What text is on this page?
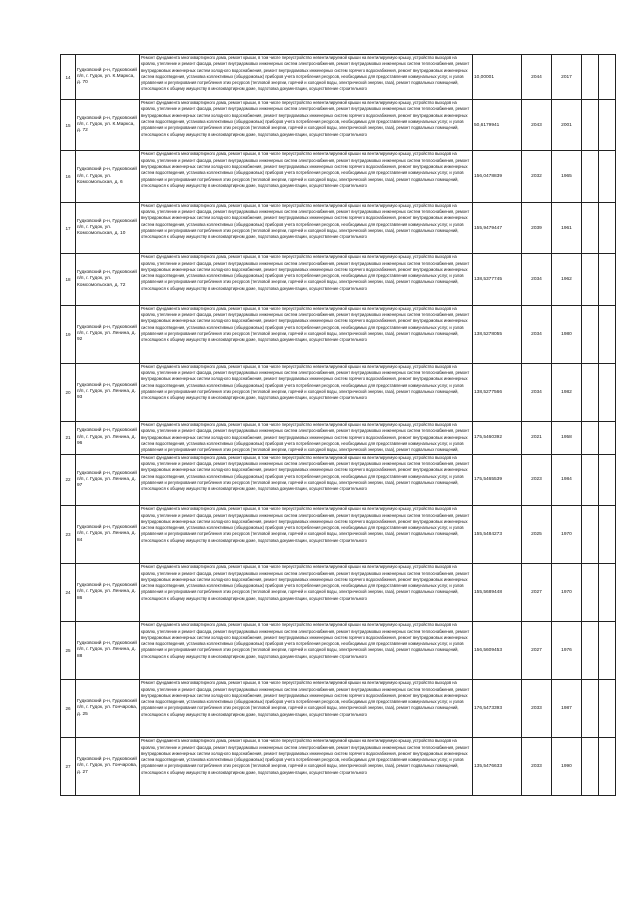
14	Гудковский р-н, Гудковский п/п, г. Гудок, ул. К.Маркса, д. 70	Ремонт фундамента многоквартирного дома, ремонт крыши, в том числе переустройство невентилируемой крыши на вентилируемую крышу, устройство выходов на кровлю, утепление и ремонт фасада, ремонт внутридомовых инженерных систем электроснабжения, ремонт внутридомовых инженерных систем теплоснабжения, ремонт внутридомовых инженерных систем холодного водоснабжения, ремонт внутридомовых инженерных систем горячего водоснабжения, ремонт внутридомовых инженерных систем водоотведения, установка коллективных (общедомовых) приборов учета потребления ресурсов, необходимых для предоставления коммунальных услуг, и узлов управления и регулирования потребления этих ресурсов (тепловой энергии, горячей и холодной воды, электрической энергии, газа), ремонт подвальных помещений, относящихся к общему имуществу в многоквартирном доме, подготовка документации, осуществление строительного	10,00001	2044	2017		
15	Гудковский р-н, Гудковский п/п, г. Гудок, ул. К.Маркса, д. 72	Ремонт фундамента многоквартирного дома, ремонт крыши, в том числе переустройство невентилируемой крыши на вентилируемую крышу, устройство выходов на кровлю, утепление и ремонт фасада, ремонт внутридомовых инженерных систем электроснабжения, ремонт внутридомовых инженерных систем теплоснабжения, ремонт внутридомовых инженерных систем холодного водоснабжения, ремонт внутридомовых инженерных систем горячего водоснабжения, ремонт внутридомовых инженерных систем водоотведения, установка коллективных (общедомовых) приборов учета потребления ресурсов, необходимых для предоставления коммунальных услуг, и узлов управления и регулирования потребления этих ресурсов (тепловой энергии, горячей и холодной воды, электрической энергии, газа), ремонт подвальных помещений, относящихся к общему имуществу в многоквартирном доме, подготовка документации, осуществление строительного	50,6179941	2043	2001		
16	Гудковский р-н, Гудковский п/п, г. Гудок, ул. Комсомольская, д. 6	Ремонт фундамента многоквартирного дома, ремонт крыши, в том числе переустройство невентилируемой крыши на вентилируемую крышу, устройство выходов на кровлю, утепление и ремонт фасада, ремонт внутридомовых инженерных систем электроснабжения, ремонт внутридомовых инженерных систем теплоснабжения, ремонт внутридомовых инженерных систем холодного водоснабжения, ремонт внутридомовых инженерных систем горячего водоснабжения, ремонт внутридомовых инженерных систем водоотведения, установка коллективных (общедомовых) приборов учета потребления ресурсов, необходимых для предоставления коммунальных услуг, и узлов управления и регулирования потребления этих ресурсов (тепловой энергии, горячей и холодной воды, электрической энергии, газа), ремонт подвальных помещений, относящихся к общему имуществу в многоквартирном доме, подготовка документации, осуществление строительного	156,0478839	2032	1965		
17	Гудковский р-н, Гудковский п/п, г. Гудок, ул. Комсомольская, д. 10	Ремонт фундамента многоквартирного дома, ремонт крыши, в том числе переустройство невентилируемой крыши на вентилируемую крышу, устройство выходов на кровлю, утепление и ремонт фасада, ремонт внутридомовых инженерных систем электроснабжения, ремонт внутридомовых инженерных систем теплоснабжения, ремонт внутридомовых инженерных систем холодного водоснабжения, ремонт внутридомовых инженерных систем горячего водоснабжения, ремонт внутридомовых инженерных систем водоотведения, установка коллективных (общедомовых) приборов учета потребления ресурсов, необходимых для предоставления коммунальных услуг, и узлов управления и регулирования потребления этих ресурсов (тепловой энергии, горячей и холодной воды, электрической энергии, газа), ремонт подвальных помещений, относящихся к общему имуществу в многоквартирном доме, подготовка документации, осуществление строительного	155,9479447	2039	1961		
18	Гудковский р-н, Гудковский п/п, г. Гудок, ул. Комсомольская, д. 72	Ремонт фундамента многоквартирного дома, ремонт крыши, в том числе переустройство невентилируемой крыши на вентилируемую крышу, устройство выходов на кровлю, утепление и ремонт фасада, ремонт внутридомовых инженерных систем электроснабжения, ремонт внутридомовых инженерных систем теплоснабжения, ремонт внутридомовых инженерных систем холодного водоснабжения, ремонт внутридомовых инженерных систем горячего водоснабжения, ремонт внутридомовых инженерных систем водоотведения, установка коллективных (общедомовых) приборов учета потребления ресурсов, необходимых для предоставления коммунальных услуг, и узлов управления и регулирования потребления этих ресурсов (тепловой энергии, горячей и холодной воды, электрической энергии, газа), ремонт подвальных помещений, относящихся к общему имуществу в многоквартирном доме, подготовка документации, осуществление строительного	138,5377745	2034	1962		
19	Гудковский р-н, Гудковский п/п, г. Гудок, ул. Ленина, д. 92	Ремонт фундамента многоквартирного дома, ремонт крыши, в том числе переустройство невентилируемой крыши на вентилируемую крышу, устройство выходов на кровлю, утепление и ремонт фасада, ремонт внутридомовых инженерных систем электроснабжения, ремонт внутридомовых инженерных систем теплоснабжения, ремонт внутридомовых инженерных систем холодного водоснабжения, ремонт внутридомовых инженерных систем горячего водоснабжения, ремонт внутридомовых инженерных систем водоотведения, установка коллективных (общедомовых) приборов учета потребления ресурсов, необходимых для предоставления коммунальных услуг, и узлов управления и регулирования потребления этих ресурсов (тепловой энергии, горячей и холодной воды, электрической энергии, газа), ремонт подвальных помещений, относящихся к общему имуществу в многоквартирном доме, подготовка документации, осуществление строительного	138,5278055	2034	1980		
20	Гудковский р-н, Гудковский п/п, г. Гудок, ул. Ленина, д. 93	Ремонт фундамента многоквартирного дома, ремонт крыши, в том числе переустройство невентилируемой крыши на вентилируемую крышу, устройство выходов на кровлю, утепление и ремонт фасада, ремонт внутридомовых инженерных систем электроснабжения, ремонт внутридомовых инженерных систем теплоснабжения, ремонт внутридомовых инженерных систем холодного водоснабжения, ремонт внутридомовых инженерных систем горячего водоснабжения, ремонт внутридомовых инженерных систем водоотведения, установка коллективных (общедомовых) приборов учета потребления ресурсов, необходимых для предоставления коммунальных услуг, и узлов управления и регулирования потребления этих ресурсов (тепловой энергии, горячей и холодной воды, электрической энергии, газа), ремонт подвальных помещений, относящихся к общему имуществу в многоквартирном доме, подготовка документации, осуществление строительного	138,5277566	2034	1982		
21	Гудковский р-н, Гудковский п/п, г. Гудок, ул. Ленина, д. 96	Ремонт фундамента многоквартирного дома, ремонт крыши, в том числе переустройство невентилируемой крыши на вентилируемую крышу, устройство выходов на кровлю, утепление и ремонт фасада, ремонт внутридомовых инженерных систем электроснабжения, ремонт внутридомовых инженерных систем теплоснабжения, ремонт внутридомовых инженерных систем холодного водоснабжения, ремонт внутридомовых инженерных систем горячего водоснабжения, ремонт внутридомовых инженерных систем водоотведения, установка коллективных (общедомовых) приборов учета потребления ресурсов, необходимых для предоставления коммунальных услуг, и узлов управления и регулирования потребления этих ресурсов (тепловой энергии, горячей и холодной воды, электрической энергии, газа), ремонт подвальных помещений,	175,5460392	2021	1958		
22	Гудковский р-н, Гудковский п/п, г. Гудок, ул. Ленина, д. 97	Ремонт фундамента многоквартирного дома, ремонт крыши, в том числе переустройство невентилируемой крыши на вентилируемую крышу, устройство выходов на кровлю, утепление и ремонт фасада, ремонт внутридомовых инженерных систем электроснабжения, ремонт внутридомовых инженерных систем теплоснабжения, ремонт внутридомовых инженерных систем холодного водоснабжения, ремонт внутридомовых инженерных систем горячего водоснабжения, ремонт внутридомовых инженерных систем водоотведения, установка коллективных (общедомовых) приборов учета потребления ресурсов, необходимых для предоставления коммунальных услуг, и узлов управления и регулирования потребления этих ресурсов (тепловой энергии, горячей и холодной воды, электрической энергии, газа), ремонт подвальных помещений, относящихся к общему имуществу в многоквартирном доме, подготовка документации, осуществление строительного	175,5465539	2023	1984		
23	Гудковский р-н, Гудковский п/п, г. Гудок, ул. Ленина, д. 84	Ремонт фундамента многоквартирного дома, ремонт крыши, в том числе переустройство невентилируемой крыши на вентилируемую крышу, устройство выходов на кровлю, утепление и ремонт фасада, ремонт внутридомовых инженерных систем электроснабжения, ремонт внутридомовых инженерных систем теплоснабжения, ремонт внутридомовых инженерных систем холодного водоснабжения, ремонт внутридомовых инженерных систем горячего водоснабжения, ремонт внутридомовых инженерных систем водоотведения, установка коллективных (общедомовых) приборов учета потребления ресурсов, необходимых для предоставления коммунальных услуг, и узлов управления и регулирования потребления этих ресурсов (тепловой энергии, горячей и холодной воды, электрической энергии, газа), ремонт подвальных помещений, относящихся к общему имуществу в многоквартирном доме, подготовка документации, осуществление строительного	155,5484273	2025	1970		
24	Гудковский р-н, Гудковский п/п, г. Гудок, ул. Ленина, д. 86	Ремонт фундамента многоквартирного дома, ремонт крыши, в том числе переустройство невентилируемой крыши на вентилируемую крышу, устройство выходов на кровлю, утепление и ремонт фасада, ремонт внутридомовых инженерных систем электроснабжения, ремонт внутридомовых инженерных систем теплоснабжения, ремонт внутридомовых инженерных систем холодного водоснабжения, ремонт внутридомовых инженерных систем горячего водоснабжения, ремонт внутридомовых инженерных систем водоотведения, установка коллективных (общедомовых) приборов учета потребления ресурсов, необходимых для предоставления коммунальных услуг, и узлов управления и регулирования потребления этих ресурсов (тепловой энергии, горячей и холодной воды, электрической энергии, газа), ремонт подвальных помещений, относящихся к общему имуществу в многоквартирном доме, подготовка документации, осуществление строительного	155,5689448	2027	1970		
25	Гудковский р-н, Гудковский п/п, г. Гудок, ул. Ленина, д. 88	Ремонт фундамента многоквартирного дома, ремонт крыши, в том числе переустройство невентилируемой крыши на вентилируемую крышу, устройство выходов на кровлю, утепление и ремонт фасада, ремонт внутридомовых инженерных систем электроснабжения, ремонт внутридомовых инженерных систем теплоснабжения, ремонт внутридомовых инженерных систем холодного водоснабжения, ремонт внутридомовых инженерных систем горячего водоснабжения, ремонт внутридомовых инженерных систем водоотведения, установка коллективных (общедомовых) приборов учета потребления ресурсов, необходимых для предоставления коммунальных услуг, и узлов управления и регулирования потребления этих ресурсов (тепловой энергии, горячей и холодной воды, электрической энергии, газа), ремонт подвальных помещений, относящихся к общему имуществу в многоквартирном доме, подготовка документации, осуществление строительного	156,5609453	2027	1976		
26	Гудковский р-н, Гудковский п/п, г. Гудок, ул. Гончарова, д. 25	Ремонт фундамента многоквартирного дома, ремонт крыши, в том числе переустройство невентилируемой крыши на вентилируемую крышу, устройство выходов на кровлю, утепление и ремонт фасада, ремонт внутридомовых инженерных систем электроснабжения, ремонт внутридомовых инженерных систем теплоснабжения, ремонт внутридомовых инженерных систем холодного водоснабжения, ремонт внутридомовых инженерных систем горячего водоснабжения, ремонт внутридомовых инженерных систем водоотведения, установка коллективных (общедомовых) приборов учета потребления ресурсов, необходимых для предоставления коммунальных услуг, и узлов управления и регулирования потребления этих ресурсов (тепловой энергии, горячей и холодной воды, электрической энергии, газа), ремонт подвальных помещений, относящихся к общему имуществу в многоквартирном доме, подготовка документации, осуществление строительного	176,5473393	2033	1987		
27	Гудковский р-н, Гудковский п/п, г. Гудок, ул. Гончарова, д. 27	Ремонт фундамента многоквартирного дома, ремонт крыши, в том числе переустройство невентилируемой крыши на вентилируемую крышу, устройство выходов на кровлю, утепление и ремонт фасада, ремонт внутридомовых инженерных систем электроснабжения, ремонт внутридомовых инженерных систем теплоснабжения, ремонт внутридомовых инженерных систем холодного водоснабжения, ремонт внутридомовых инженерных систем горячего водоснабжения, ремонт внутридомовых инженерных систем водоотведения, установка коллективных (общедомовых) приборов учета потребления ресурсов, необходимых для предоставления коммунальных услуг, и узлов управления и регулирования потребления этих ресурсов (тепловой энергии, горячей и холодной воды, электрической энергии, газа), ремонт подвальных помещений, относящихся к общему имуществу в многоквартирном доме, подготовка документации, осуществление строительного	135,5476633	2033	1990		
